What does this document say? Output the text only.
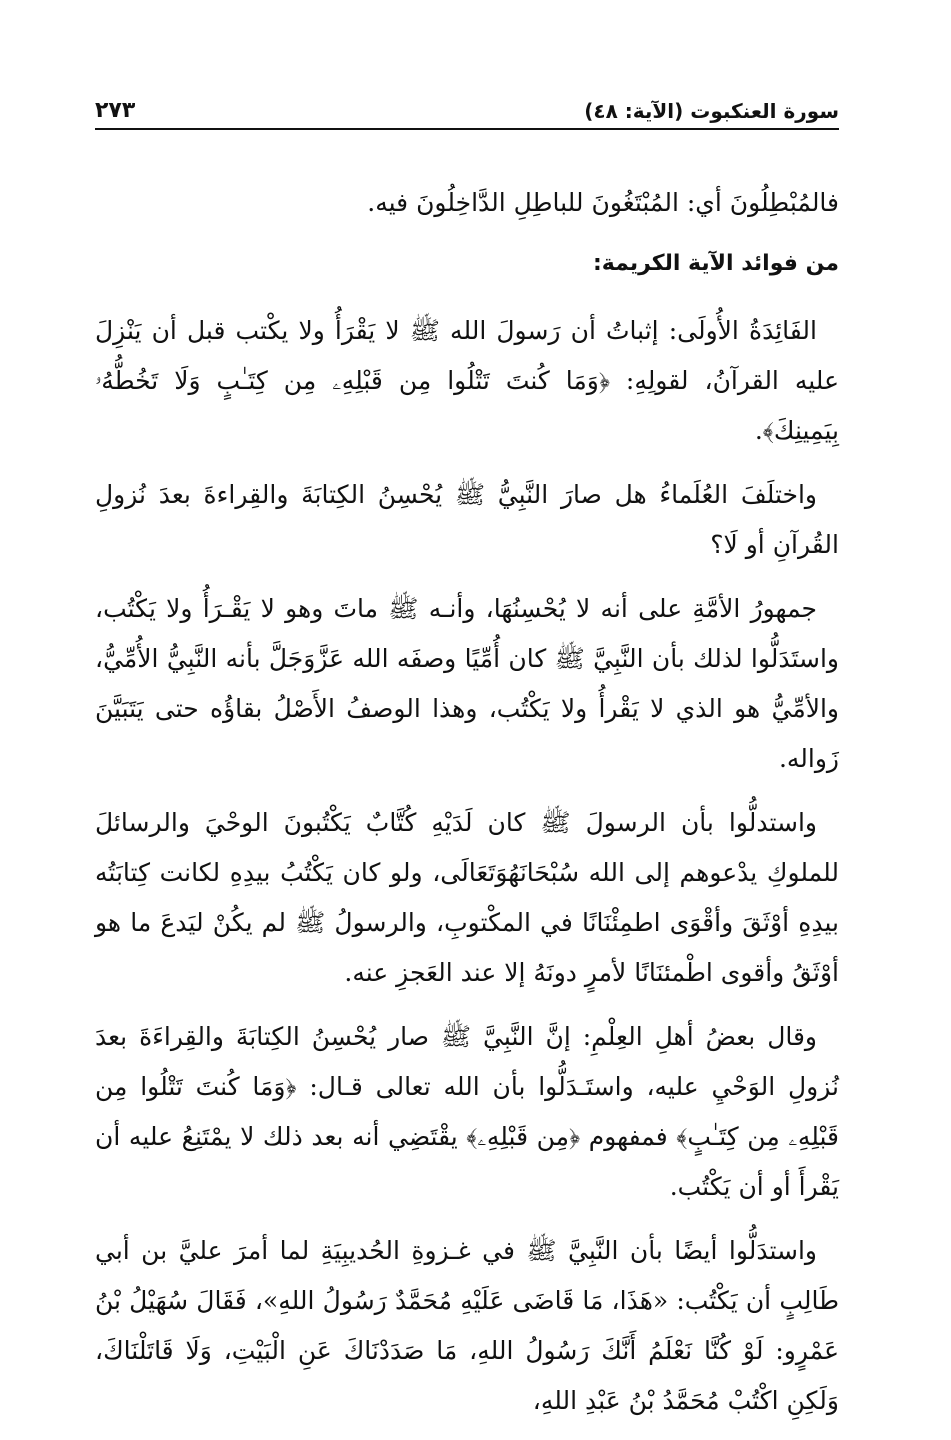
سورة العنكبوت (الآية: ٤٨)
٢٧٣

فالمُبْطِلُونَ أي: المُبْتَغُونَ للباطِلِ الدَّاخِلُونَ فيه.

من فوائد الآية الكريمة:

الفَائِدَةُ الأُولَى: إثباتُ أن رَسولَ الله ﷺ لا يَقْرَأُ ولا يكْتب قبل أن يَنْزِلَ عليه القرآنُ، لقولِهِ: ﴿وَمَا كُنتَ تَتْلُوا مِن قَبْلِهِۦ مِن كِتَـٰبٍ وَلَا تَخُطُّهُۥ بِيَمِينِكَ﴾.

واختلَفَ العُلَماءُ هل صارَ النَّبِيُّ ﷺ يُحْسِنُ الكِتابَةَ والقِراءةَ بعدَ نُزولِ القُرآنِ أو لَا؟

جمهورُ الأمَّةِ على أنه لا يُحْسِنُهَا، وأنـه ﷺ ماتَ وهو لا يَقْـرَأُ ولا يَكْتُب، واستَدَلُّوا لذلك بأن النَّبِيَّ ﷺ كان أُمِّيًا وصفَه الله عَزَّوَجَلَّ بأنه النَّبِيُّ الأُمِّيُّ، والأمِّيُّ هو الذي لا يَقْرأُ ولا يَكْتُب، وهذا الوصفُ الأَصْلُ بقاؤُه حتى يَتَبَيَّنَ زَواله.

واستدلُّوا بأن الرسولَ ﷺ كان لَدَيْهِ كُتَّابٌ يَكْتُبونَ الوحْيَ والرسائلَ للملوكِ يدْعوهم إلى الله سُبْحَانَهُوَتَعَالَى، ولو كان يَكْتُبُ بيدِهِ لكانت كِتابَتُه بيدِهِ أوْثَقَ وأقْوَى اطمِئْنَانًا في المكْتوبِ، والرسولُ ﷺ لم يكُنْ ليَدعَ ما هو أوْثَقُ وأقوى اطْمئنَانًا لأمرٍ دونَهُ إلا عند العَجزِ عنه.

وقال بعضُ أهلِ العِلْمِ: إنَّ النَّبِيَّ ﷺ صار يُحْسِنُ الكِتابَةَ والقِراءَةَ بعدَ نُزولِ الوَحْيِ عليه، واستَـدَلُّوا بأن الله تعالى قـال: ﴿وَمَا كُنتَ تَتْلُوا مِن قَبْلِهِۦ مِن كِتَـٰبٍ﴾ فمفهوم ﴿مِن قَبْلِهِۦ﴾ يقْتَضِي أنه بعد ذلك لا يمْتَنِعُ عليه أن يَقْرأَ أو أن يَكْتُب.

واستدَلُّوا أيضًا بأن النَّبِيَّ ﷺ في غـزوةِ الحُديبِيَةِ لما أمرَ عليَّ بن أبي طَالِبٍ أن يَكْتُب: «هَذَا، مَا قَاضَى عَلَيْهِ مُحَمَّدٌ رَسُولُ اللهِ»، فَقَالَ سُهَيْلُ بْنُ عَمْرٍو: لَوْ كُنَّا نَعْلَمُ أَنَّكَ رَسُولُ اللهِ، مَا صَدَدْنَاكَ عَنِ الْبَيْتِ، وَلَا قَاتَلْنَاكَ، وَلَكِنِ اكْتُبْ مُحَمَّدُ بْنُ عَبْدِ اللهِ،
